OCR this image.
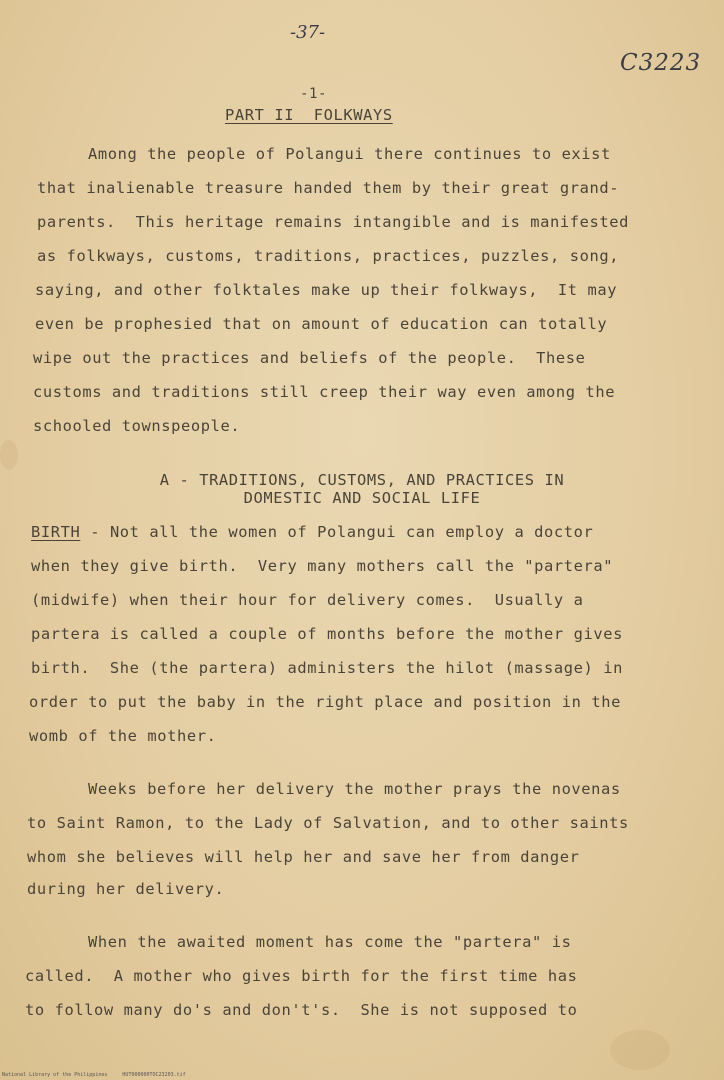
-37-
C3223
-1-
PART II  FOLKWAYS
Among the people of Polangui there continues to exist
that inalienable treasure handed them by their great grand-
parents.  This heritage remains intangible and is manifested
as folkways, customs, traditions, practices, puzzles, song,
saying, and other folktales make up their folkways,  It may
even be prophesied that on amount of education can totally
wipe out the practices and beliefs of the people.  These
customs and traditions still creep their way even among the
schooled townspeople.
A - TRADITIONS, CUSTOMS, AND PRACTICES IN
DOMESTIC AND SOCIAL LIFE
BIRTH - Not all the women of Polangui can employ a doctor
when they give birth.  Very many mothers call the "partera"
(midwife) when their hour for delivery comes.  Usually a
partera is called a couple of months before the mother gives
birth.  She (the partera) administers the hilot (massage) in
order to put the baby in the right place and position in the
womb of the mother.
Weeks before her delivery the mother prays the novenas
to Saint Ramon, to the Lady of Salvation, and to other saints
whom she believes will help her and save her from danger
during her delivery.
When the awaited moment has come the "partera" is
called.  A mother who gives birth for the first time has
to follow many do's and don't's.  She is not supposed to
National Library of the Philippines	HUT000000TOC23203.tif
